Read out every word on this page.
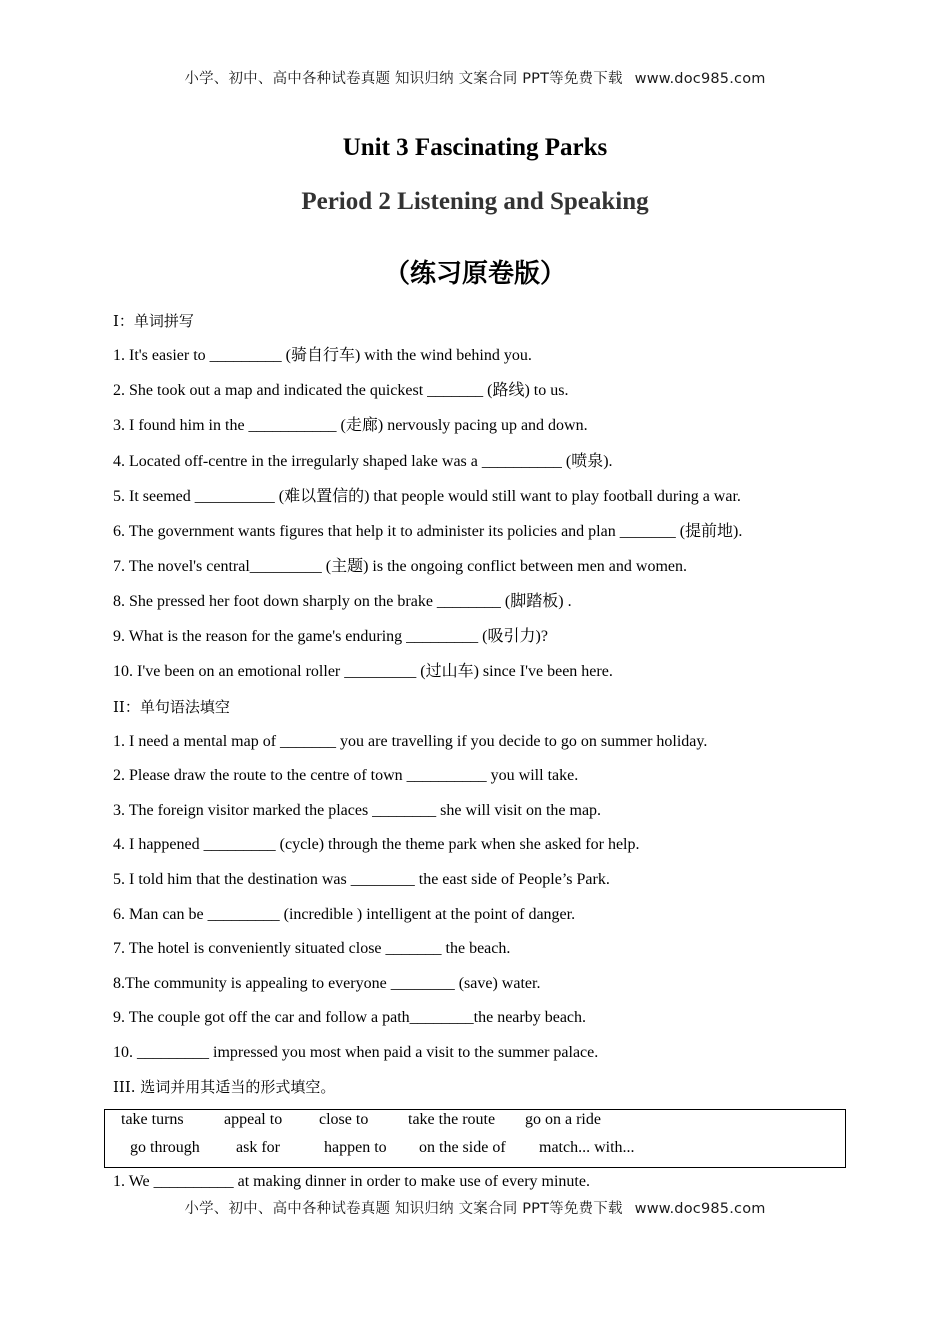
小学、初中、高中各种试卷真题 知识归纳 文案合同 PPT等免费下载 www.doc985.com
Unit 3 Fascinating Parks
Period 2 Listening and Speaking
（练习原卷版）
I：单词拼写
1. It's easier to _________ (骑自行车) with the wind behind you.
2. She took out a map and indicated the quickest _______ (路线) to us.
3. I found him in the ___________ (走廊) nervously pacing up and down.
4. Located off-centre in the irregularly shaped lake was a __________ (喷泉).
5. It seemed __________ (难以置信的) that people would still want to play football during a war.
6. The government wants figures that help it to administer its policies and plan _______ (提前地).
7. The novel's central_________ (主题) is the ongoing conflict between men and women.
8. She pressed her foot down sharply on the brake ________ (脚踏板) .
9. What is the reason for the game's enduring _________ (吸引力)?
10. I've been on an emotional roller _________ (过山车) since I've been here.
II：单句语法填空
1. I need a mental map of _______ you are travelling if you decide to go on summer holiday.
2. Please draw the route to the centre of town __________ you will take.
3. The foreign visitor marked the places ________ she will visit on the map.
4. I happened _________ (cycle) through the theme park when she asked for help.
5. I told him that the destination was ________ the east side of People’s Park.
6. Man can be _________ (incredible ) intelligent at the point of danger.
7. The hotel is conveniently situated close _______ the beach.
8.The community is appealing to everyone ________ (save) water.
9. The couple got off the car and follow a path________the nearby beach.
10. _________ impressed you most when paid a visit to the summer palace.
III. 选词并用其适当的形式填空。
take turns	appeal to close to take the route go on a ride
go through ask for	happen to on the side of match... with...
1. We __________ at making dinner in order to make use of every minute.
小学、初中、高中各种试卷真题 知识归纳 文案合同 PPT等免费下载 www.doc985.com
